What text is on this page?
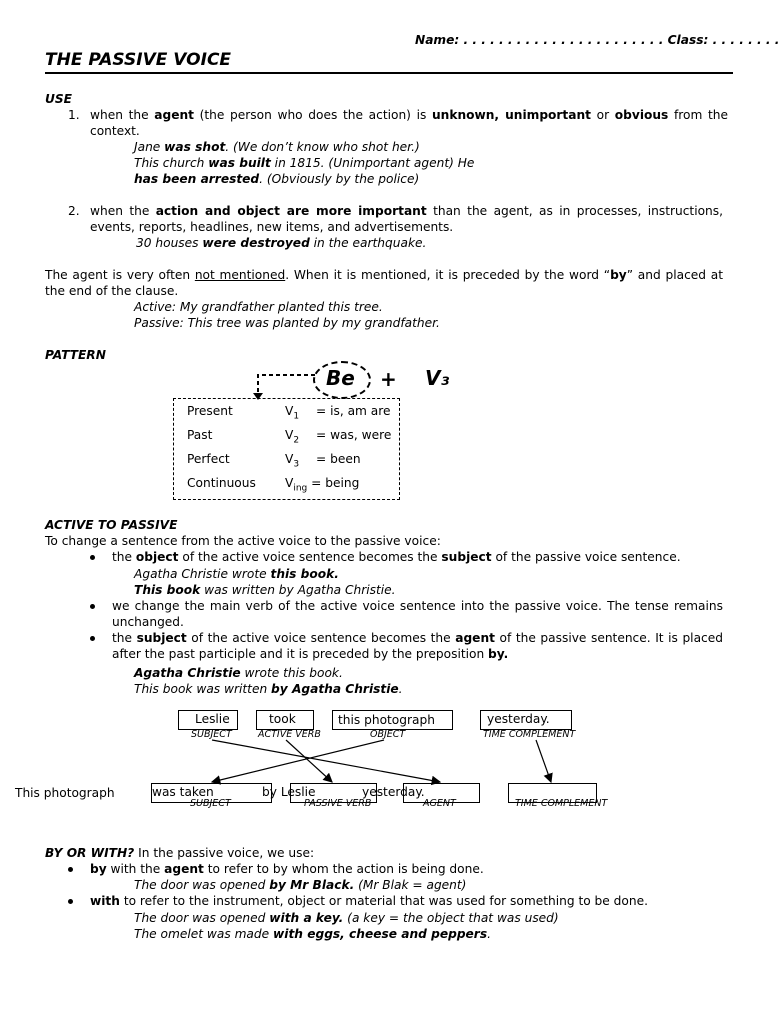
Name: . . . . . . . . . . . . . . . . . . . . . . . Class: . . . . . . . .
THE PASSIVE VOICE
USE
1. when the agent (the person who does the action) is unknown, unimportant or obvious from the context.
Jane was shot. (We don’t know who shot her.)
This church was built in 1815. (Unimportant agent) He
has been arrested. (Obviously by the police)
2. when the action and object are more important than the agent, as in processes, instructions, events, reports, headlines, new items, and advertisements.
30 houses were destroyed in the earthquake.
The agent is very often not mentioned. When it is mentioned, it is preceded by the word “by” and placed at the end of the clause.
Active: My grandfather planted this tree.
Passive: This tree was planted by my grandfather.
PATTERN
Be + V₃
Present	$V_1$ = is, am are
Past	$V_2$ = was, were
Perfect	$V_3$ = been
Continuous $V_{ing}$ = being
ACTIVE TO PASSIVE
To change a sentence from the active voice to the passive voice:
the object of the active voice sentence becomes the subject of the passive voice sentence.
Agatha Christie wrote this book.
This book was written by Agatha Christie.
we change the main verb of the active voice sentence into the passive voice. The tense remains unchanged.
the subject of the active voice sentence becomes the agent of the passive sentence. It is placed after the past participle and it is preceded by the preposition by.
Agatha Christie wrote this book.
This book was written by Agatha Christie.
Leslie
SUBJECT
took
ACTIVE VERB
this photograph
OBJECT
yesterday.
TIME COMPLEMENT
This photograph	was taken
SUBJECT
by Leslie
PASSIVE VERB
yesterday.
AGENT	TIME COMPLEMENT
BY OR WITH? In the passive voice, we use:
by with the agent to refer to by whom the action is being done.
The door was opened by Mr Black. (Mr Blak = agent)
with to refer to the instrument, object or material that was used for something to be done.
The door was opened with a key. (a key = the object that was used)
The omelet was made with eggs, cheese and peppers.
